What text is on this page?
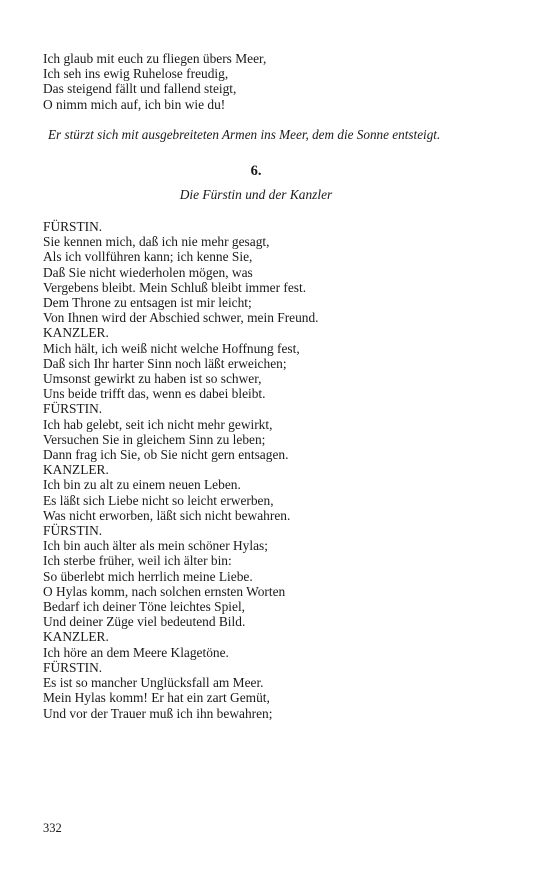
Ich glaub mit euch zu fliegen übers Meer,
Ich seh ins ewig Ruhelose freudig,
Das steigend fällt und fallend steigt,
O nimm mich auf, ich bin wie du!
Er stürzt sich mit ausgebreiteten Armen ins Meer, dem die Sonne entsteigt.
6.
Die Fürstin und der Kanzler
FÜRSTIN.
Sie kennen mich, daß ich nie mehr gesagt,
Als ich vollführen kann; ich kenne Sie,
Daß Sie nicht wiederholen mögen, was
Vergebens bleibt. Mein Schluß bleibt immer fest.
Dem Throne zu entsagen ist mir leicht;
Von Ihnen wird der Abschied schwer, mein Freund.
KANZLER.
Mich hält, ich weiß nicht welche Hoffnung fest,
Daß sich Ihr harter Sinn noch läßt erweichen;
Umsonst gewirkt zu haben ist so schwer,
Uns beide trifft das, wenn es dabei bleibt.
FÜRSTIN.
Ich hab gelebt, seit ich nicht mehr gewirkt,
Versuchen Sie in gleichem Sinn zu leben;
Dann frag ich Sie, ob Sie nicht gern entsagen.
KANZLER.
Ich bin zu alt zu einem neuen Leben.
Es läßt sich Liebe nicht so leicht erwerben,
Was nicht erworben, läßt sich nicht bewahren.
FÜRSTIN.
Ich bin auch älter als mein schöner Hylas;
Ich sterbe früher, weil ich älter bin:
So überlebt mich herrlich meine Liebe.
O Hylas komm, nach solchen ernsten Worten
Bedarf ich deiner Töne leichtes Spiel,
Und deiner Züge viel bedeutend Bild.
KANZLER.
Ich höre an dem Meere Klagetöne.
FÜRSTIN.
Es ist so mancher Unglücksfall am Meer.
Mein Hylas komm! Er hat ein zart Gemüt,
Und vor der Trauer muß ich ihn bewahren;
332
